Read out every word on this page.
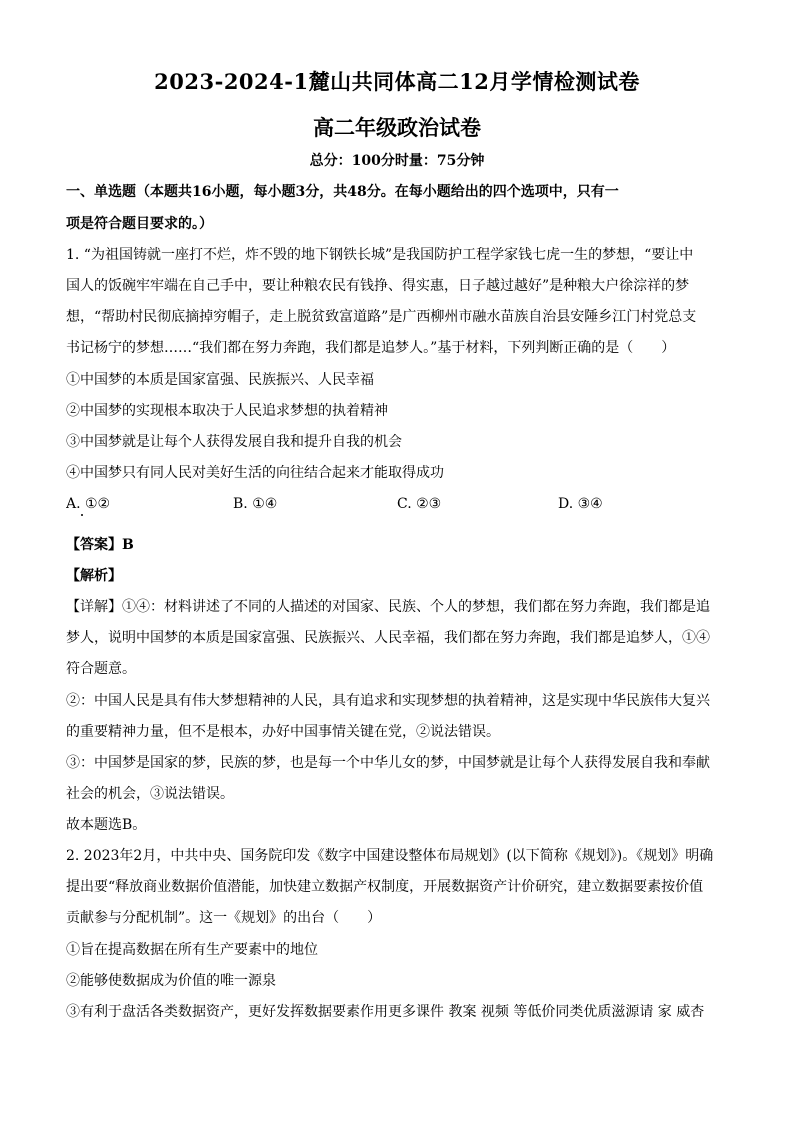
2023-2024-1麓山共同体高二12月学情检测试卷
高二年级政治试卷
总分：100分时量：75分钟
一、单选题（本题共16小题，每小题3分，共48分。在每小题给出的四个选项中，只有一
项是符合题目要求的。）
1. “为祖国铸就一座打不烂，炸不毁的地下钢铁长城”是我国防护工程学家钱七虎一生的梦想，“要让中
国人的饭碗牢牢端在自己手中，要让种粮农民有钱挣、得实惠，日子越过越好”是种粮大户徐淙祥的梦
想，“帮助村民彻底摘掉穷帽子，走上脱贫致富道路”是广西柳州市融水苗族自治县安陲乡江门村党总支
书记杨宁的梦想……“我们都在努力奔跑，我们都是追梦人。”基于材料，下列判断正确的是（　　）
①中国梦的本质是国家富强、民族振兴、人民幸福
②中国梦的实现根本取决于人民追求梦想的执着精神
③中国梦就是让每个人获得发展自我和提升自我的机会
④中国梦只有同人民对美好生活的向往结合起来才能取得成功
A. ①②	B. ①④	C. ②③	D. ③④
【答案】B
【解析】
【详解】①④：材料讲述了不同的人描述的对国家、民族、个人的梦想，我们都在努力奔跑，我们都是追
梦人，说明中国梦的本质是国家富强、民族振兴、人民幸福，我们都在努力奔跑，我们都是追梦人，①④
符合题意。
②：中国人民是具有伟大梦想精神的人民，具有追求和实现梦想的执着精神，这是实现中华民族伟大复兴
的重要精神力量，但不是根本，办好中国事情关键在党，②说法错误。
③：中国梦是国家的梦，民族的梦，也是每一个中华儿女的梦，中国梦就是让每个人获得发展自我和奉献
社会的机会，③说法错误。
故本题选B。
2. 2023年2月，中共中央、国务院印发《数字中国建设整体布局规划》(以下简称《规划》)。《规划》明确
提出要“释放商业数据价值潜能，加快建立数据产权制度，开展数据资产计价研究，建立数据要素按价值
贡献参与分配机制”。这一《规划》的出台（　　）
①旨在提高数据在所有生产要素中的地位
②能够使数据成为价值的唯一源泉
③有利于盘活各类数据资产，更好发挥数据要素作用更多课件 教案 视频 等低价同类优质滋源请 家 威杏
